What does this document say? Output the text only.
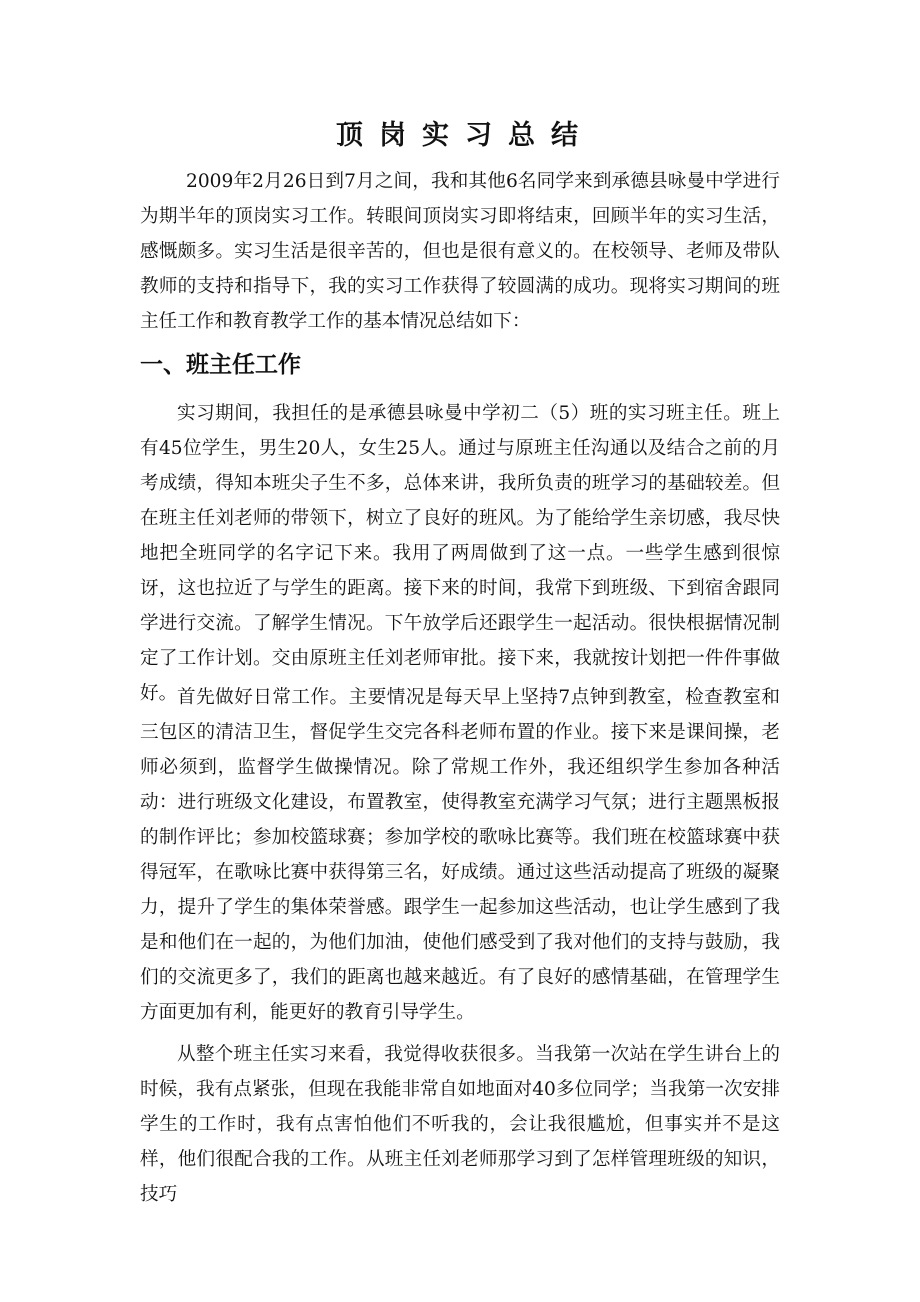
顶岗实习总结

2009年2月26日到7月之间，我和其他6名同学来到承德县咏曼中学进行为期半年的顶岗实习工作。转眼间顶岗实习即将结束，回顾半年的实习生活，感慨颇多。实习生活是很辛苦的，但也是很有意义的。在校领导、老师及带队教师的支持和指导下，我的实习工作获得了较圆满的成功。现将实习期间的班主任工作和教育教学工作的基本情况总结如下：

一、班主任工作

实习期间，我担任的是承德县咏曼中学初二（5）班的实习班主任。班上有45位学生，男生20人，女生25人。通过与原班主任沟通以及结合之前的月考成绩，得知本班尖子生不多，总体来讲，我所负责的班学习的基础较差。但在班主任刘老师的带领下，树立了良好的班风。为了能给学生亲切感，我尽快地把全班同学的名字记下来。我用了两周做到了这一点。一些学生感到很惊讶，这也拉近了与学生的距离。接下来的时间，我常下到班级、下到宿舍跟同学进行交流。了解学生情况。下午放学后还跟学生一起活动。很快根据情况制定了工作计划。交由原班主任刘老师审批。接下来，我就按计划把一件件事做好。 首先做好日常工作。主要情况是每天早上坚持7点钟到教室，检查教室和三包区的清洁卫生，督促学生交完各科老师布置的作业。接下来是课间操，老师必须到，监督学生做操情况。除了常规工作外，我还组织学生参加各种活动：进行班级文化建设，布置教室，使得教室充满学习气氛；进行主题黑板报的制作评比；参加校篮球赛；参加学校的歌咏比赛等。我们班在校篮球赛中获得冠军，在歌咏比赛中获得第三名，好成绩。通过这些活动提高了班级的凝聚力，提升了学生的集体荣誉感。跟学生一起参加这些活动，也让学生感到了我是和他们在一起的，为他们加油，使他们感受到了我对他们的支持与鼓励，我们的交流更多了，我们的距离也越来越近。有了良好的感情基础，在管理学生方面更加有利，能更好的教育引导学生。

从整个班主任实习来看，我觉得收获很多。当我第一次站在学生讲台上的时候，我有点紧张，但现在我能非常自如地面对40多位同学；当我第一次安排学生的工作时，我有点害怕他们不听我的，会让我很尴尬，但事实并不是这样，他们很配合我的工作。从班主任刘老师那学习到了怎样管理班级的知识，技巧
